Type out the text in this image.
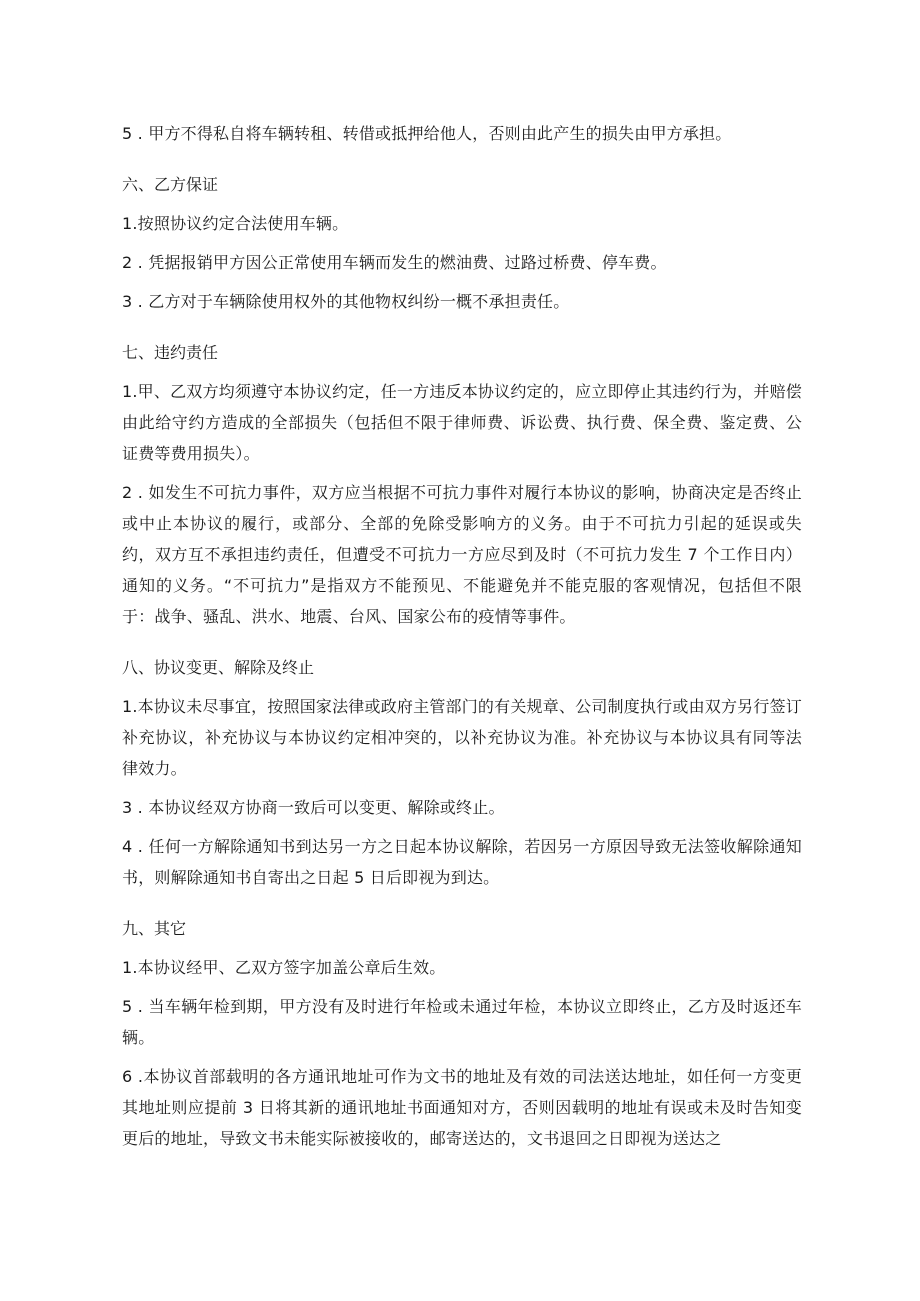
5 . 甲方不得私自将车辆转租、转借或抵押给他人，否则由此产生的损失由甲方承担。

六、乙方保证

1.按照协议约定合法使用车辆。

2 . 凭据报销甲方因公正常使用车辆而发生的燃油费、过路过桥费、停车费。

3 . 乙方对于车辆除使用权外的其他物权纠纷一概不承担责任。

七、违约责任

1.甲、乙双方均须遵守本协议约定，任一方违反本协议约定的，应立即停止其违约行为，并赔偿由此给守约方造成的全部损失（包括但不限于律师费、诉讼费、执行费、保全费、鉴定费、公证费等费用损失）。

2 . 如发生不可抗力事件，双方应当根据不可抗力事件对履行本协议的影响，协商决定是否终止或中止本协议的履行，或部分、全部的免除受影响方的义务。由于不可抗力引起的延误或失约，双方互不承担违约责任，但遭受不可抗力一方应尽到及时（不可抗力发生 7 个工作日内）通知的义务。“不可抗力”是指双方不能预见、不能避免并不能克服的客观情况，包括但不限于：战争、骚乱、洪水、地震、台风、国家公布的疫情等事件。

八、协议变更、解除及终止

1.本协议未尽事宜，按照国家法律或政府主管部门的有关规章、公司制度执行或由双方另行签订补充协议，补充协议与本协议约定相冲突的，以补充协议为准。补充协议与本协议具有同等法律效力。

3 . 本协议经双方协商一致后可以变更、解除或终止。

4 . 任何一方解除通知书到达另一方之日起本协议解除，若因另一方原因导致无法签收解除通知书，则解除通知书自寄出之日起 5 日后即视为到达。

九、其它

1.本协议经甲、乙双方签字加盖公章后生效。

5 . 当车辆年检到期，甲方没有及时进行年检或未通过年检，本协议立即终止，乙方及时返还车辆。

6 .本协议首部载明的各方通讯地址可作为文书的地址及有效的司法送达地址，如任何一方变更其地址则应提前 3 日将其新的通讯地址书面通知对方，否则因载明的地址有误或未及时告知变更后的地址，导致文书未能实际被接收的，邮寄送达的，文书退回之日即视为送达之
